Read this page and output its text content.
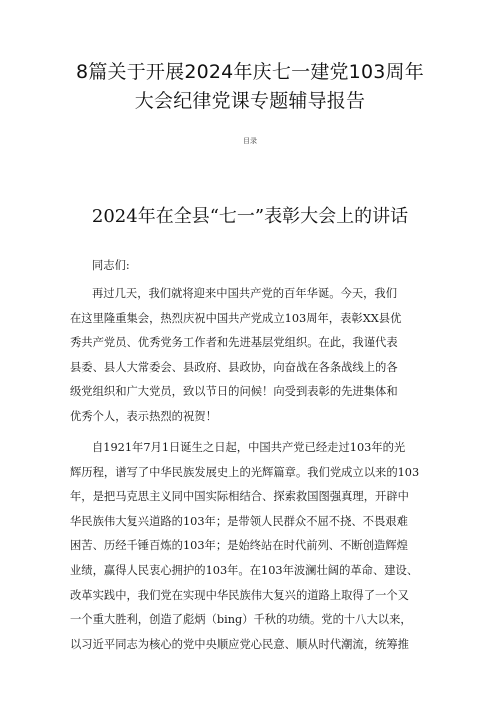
8篇关于开展2024年庆七一建党103周年
大会纪律党课专题辅导报告
目录
2024年在全县“七一”表彰大会上的讲话
同志们:
再过几天，我们就将迎来中国共产党的百年华诞。今天，我们
在这里隆重集会，热烈庆祝中国共产党成立103周年，表彰XX县优
秀共产党员、优秀党务工作者和先进基层党组织。在此，我谨代表
县委、县人大常委会、县政府、县政协，向奋战在各条战线上的各
级党组织和广大党员，致以节日的问候！向受到表彰的先进集体和
优秀个人，表示热烈的祝贺！
自1921年7月1日诞生之日起，中国共产党已经走过103年的光
辉历程，谱写了中华民族发展史上的光辉篇章。我们党成立以来的103
年，是把马克思主义同中国实际相结合、探索救国图强真理，开辟中
华民族伟大复兴道路的103年；是带领人民群众不屈不挠、不畏艰难
困苦、历经千锤百炼的103年；是始终站在时代前列、不断创造辉煌
业绩，赢得人民衷心拥护的103年。在103年波澜壮阔的革命、建设、
改革实践中，我们党在实现中华民族伟大复兴的道路上取得了一个又
一个重大胜利，创造了彪炳（bing）千秋的功绩。党的十八大以来，
以习近平同志为核心的党中央顺应党心民意、顺从时代潮流，统筹推
